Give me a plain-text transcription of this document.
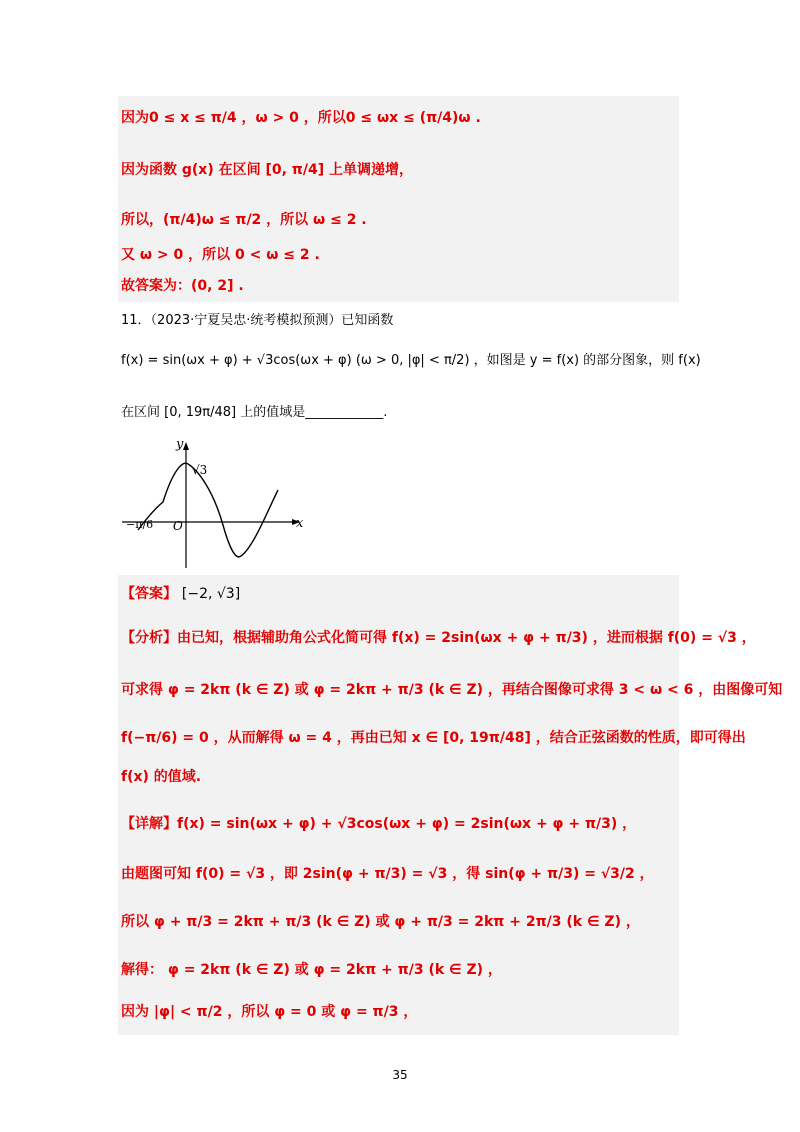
因为0 ≤ x ≤ π/4 ，ω > 0 ，所以0 ≤ ωx ≤ (π/4)ω .
因为函数 g(x) 在区间 [0, π/4] 上单调递增，
所以，(π/4)ω ≤ π/2 ，所以 ω ≤ 2 .
又 ω > 0 ，所以 0 < ω ≤ 2 .
故答案为：(0, 2] .
11．（2023·宁夏吴忠·统考模拟预测）已知函数
f(x) = sin(ωx + φ) + √3cos(ωx + φ) (ω > 0, |φ| < π/2) ，如图是 y = f(x) 的部分图象，则 f(x)
在区间 [0, 19π/48] 上的值域是____________.
x
y
O
√3
−π/6
【答案】 [−2, √3]
【分析】由已知，根据辅助角公式化简可得 f(x) = 2sin(ωx + φ + π/3) ，进而根据 f(0) = √3 ，
可求得 φ = 2kπ (k ∈ Z) 或 φ = 2kπ + π/3 (k ∈ Z) ，再结合图像可求得 3 < ω < 6 ，由图像可知
f(−π/6) = 0 ，从而解得 ω = 4 ，再由已知 x ∈ [0, 19π/48] ，结合正弦函数的性质，即可得出
f(x) 的值域.
【详解】f(x) = sin(ωx + φ) + √3cos(ωx + φ) = 2sin(ωx + φ + π/3) ，
由题图可知 f(0) = √3 ，即 2sin(φ + π/3) = √3 ，得 sin(φ + π/3) = √3/2 ，
所以 φ + π/3 = 2kπ + π/3 (k ∈ Z) 或 φ + π/3 = 2kπ + 2π/3 (k ∈ Z) ，
解得： φ = 2kπ (k ∈ Z) 或 φ = 2kπ + π/3 (k ∈ Z) ，
因为 |φ| < π/2 ，所以 φ = 0 或 φ = π/3 ，
35
